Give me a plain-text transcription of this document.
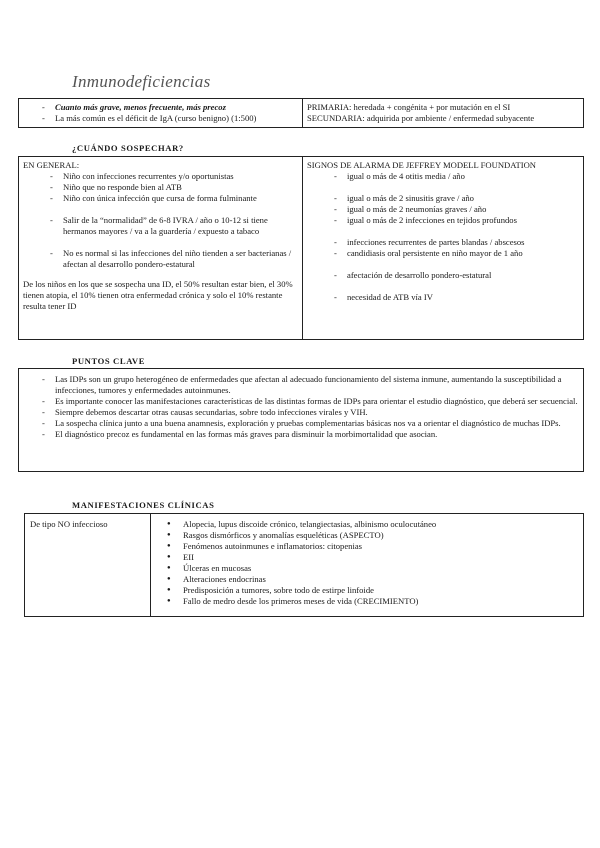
Inmunodeficiencias
- Cuanto más grave, menos frecuente, más precoz
- La más común es el déficit de IgA (curso benigno) (1:500)
PRIMARIA: heredada + congénita + por mutación en el SI
SECUNDARIA: adquirida por ambiente / enfermedad subyacente
¿CUÁNDO SOSPECHAR?
EN GENERAL:
- Niño con infecciones recurrentes y/o oportunistas
- Niño que no responde bien al ATB
- Niño con única infección que cursa de forma fulminante
- Salir de la “normalidad” de 6-8 IVRA / año o 10-12 si tiene hermanos mayores / va a la guardería / expuesto a tabaco
- No es normal si las infecciones del niño tienden a ser bacterianas / afectan al desarrollo pondero-estatural
De los niños en los que se sospecha una ID, el 50% resultan estar bien, el 30% tienen atopia, el 10% tienen otra enfermedad crónica y solo el 10% restante resulta tener ID
SIGNOS DE ALARMA DE JEFFREY MODELL FOUNDATION
- igual o más de 4 otitis media / año
- igual o más de 2 sinusitis grave / año
- igual o más de 2 neumonías graves / año
- igual o más de 2 infecciones en tejidos profundos
- infecciones recurrentes de partes blandas / abscesos
- candidiasis oral persistente en niño mayor de 1 año
- afectación de desarrollo pondero-estatural
- necesidad de ATB vía IV
PUNTOS CLAVE
- Las IDPs son un grupo heterogéneo de enfermedades que afectan al adecuado funcionamiento del sistema inmune, aumentando la susceptibilidad a infecciones, tumores y enfermedades autoinmunes.
- Es importante conocer las manifestaciones características de las distintas formas de IDPs para orientar el estudio diagnóstico, que deberá ser secuencial.
- Siempre debemos descartar otras causas secundarias, sobre todo infecciones virales y VIH.
- La sospecha clínica junto a una buena anamnesis, exploración y pruebas complementarias básicas nos va a orientar el diagnóstico de muchas IDPs.
- El diagnóstico precoz es fundamental en las formas más graves para disminuir la morbimortalidad que asocian.
MANIFESTACIONES CLÍNICAS
De tipo NO infeccioso
●	Alopecia, lupus discoide crónico, telangiectasias, albinismo oculocutáneo
● Rasgos dismórficos y anomalías esqueléticas (ASPECTO)
● Fenómenos autoinmunes e inflamatorios: citopenias
● EII
● Úlceras en mucosas
● Alteraciones endocrinas
● Predisposición a tumores, sobre todo de estirpe linfoide
● Fallo de medro desde los primeros meses de vida (CRECIMIENTO)
